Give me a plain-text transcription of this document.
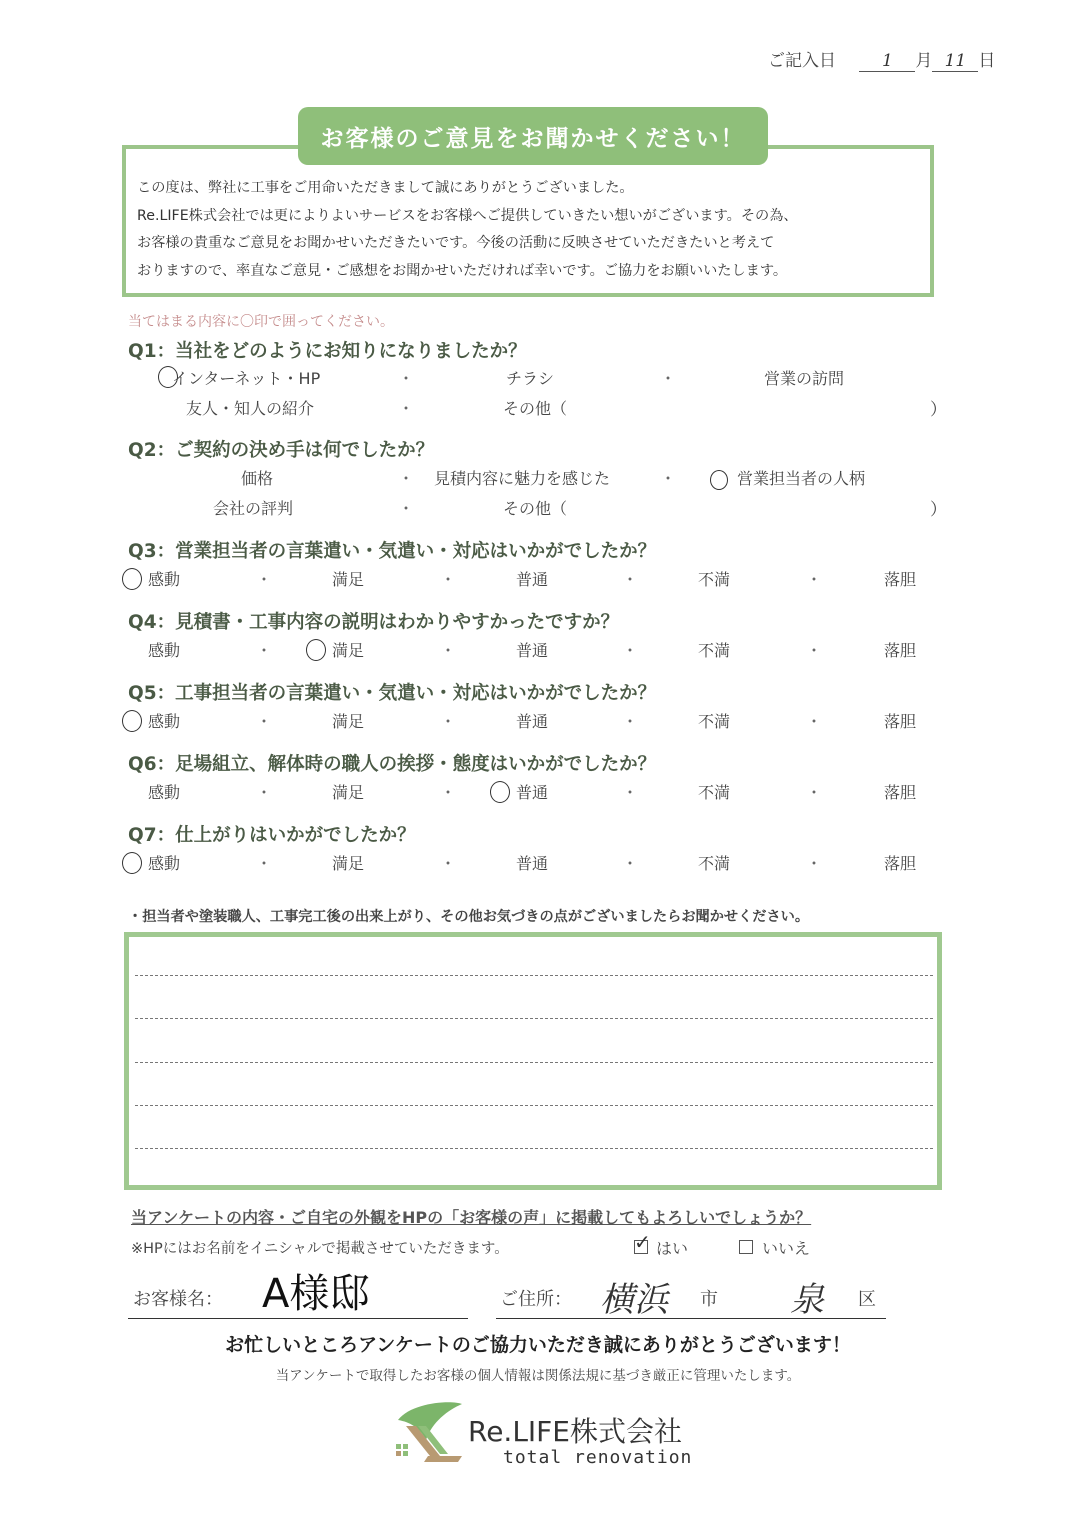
ご記入日	1 月 11 日
お客様のご意見をお聞かせください！
この度は、弊社に工事をご用命いただきまして誠にありがとうございました。
Re.LIFE株式会社では更によりよいサービスをお客様へご提供していきたい想いがございます。その為、
お客様の貴重なご意見をお聞かせいただきたいです。今後の活動に反映させていただきたいと考えて
おりますので、率直なご意見・ご感想をお聞かせいただければ幸いです。ご協力をお願いいたします。
当てはまる内容に〇印で囲ってください。
Q1：当社をどのようにお知りになりましたか？
インターネット・HP	・	チラシ	・	営業の訪問
友人・知人の紹介	・	その他（	）
Q2：ご契約の決め手は何でしたか？
価格	・ 見積内容に魅力を感じた	・	営業担当者の人柄
会社の評判	・	その他（	）
Q3：営業担当者の言葉遣い・気遣い・対応はいかがでしたか？
感動	・	満足	・	普通	・	不満	・	落胆
Q4：見積書・工事内容の説明はわかりやすかったですか？
感動	・	満足	・	普通	・	不満	・	落胆
Q5：工事担当者の言葉遣い・気遣い・対応はいかがでしたか？
感動	・	満足	・	普通	・	不満	・	落胆
Q6：足場組立、解体時の職人の挨拶・態度はいかがでしたか？
感動	・	満足	・	普通	・	不満	・	落胆
Q7：仕上がりはいかがでしたか？
感動	・	満足	・	普通	・	不満	・	落胆
・担当者や塗装職人、工事完工後の出来上がり、その他お気づきの点がございましたらお聞かせください。
当アンケートの内容・ご自宅の外観をHPの「お客様の声」に掲載してもよろしいでしょうか？
※HPにはお名前をイニシャルで掲載させていただきます。	✓ はい	いいえ
お客様名： A様邸	ご住所： 横浜 市 泉 区
お忙しいところアンケートのご協力いただき誠にありがとうございます！
当アンケートで取得したお客様の個人情報は関係法規に基づき厳正に管理いたします。
Re.LIFE株式会社
total renovation
